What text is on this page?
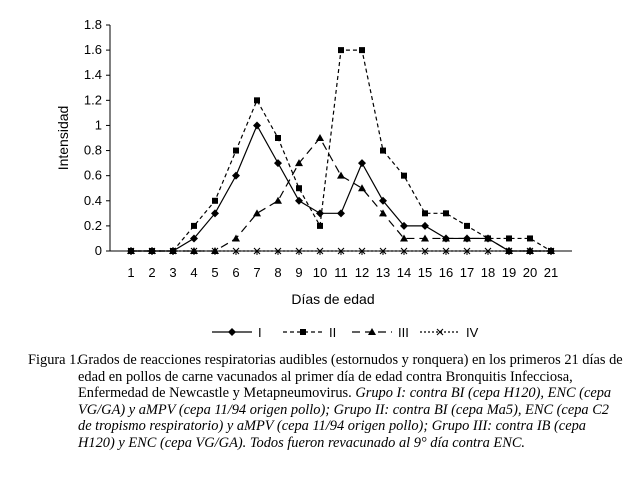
0
0.2
0.4
0.6
0.8
1
1.2
1.4
1.6
1.8
1 2 3 4 5 6 7 8 9 10 11 12 13 14 15 16 17 18 19 20 21
Intensidad
Días de edad
I	II	III	IV
Figura 1.
Grados de reacciones respiratorias audibles (estornudos y ronquera) en los primeros 21 días de edad en pollos de carne vacunados al primer día de edad contra Bronquitis Infecciosa, Enfermedad de Newcastle y Metapneumovirus. Grupo I: contra BI (cepa H120), ENC (cepa VG/GA) y aMPV (cepa 11/94 origen pollo); Grupo II: contra BI (cepa Ma5), ENC (cepa C2 de tropismo respiratorio) y aMPV (cepa 11/94 origen pollo); Grupo III: contra IB (cepa H120) y ENC (cepa VG/GA). Todos fueron revacunado al 9° día contra ENC.
